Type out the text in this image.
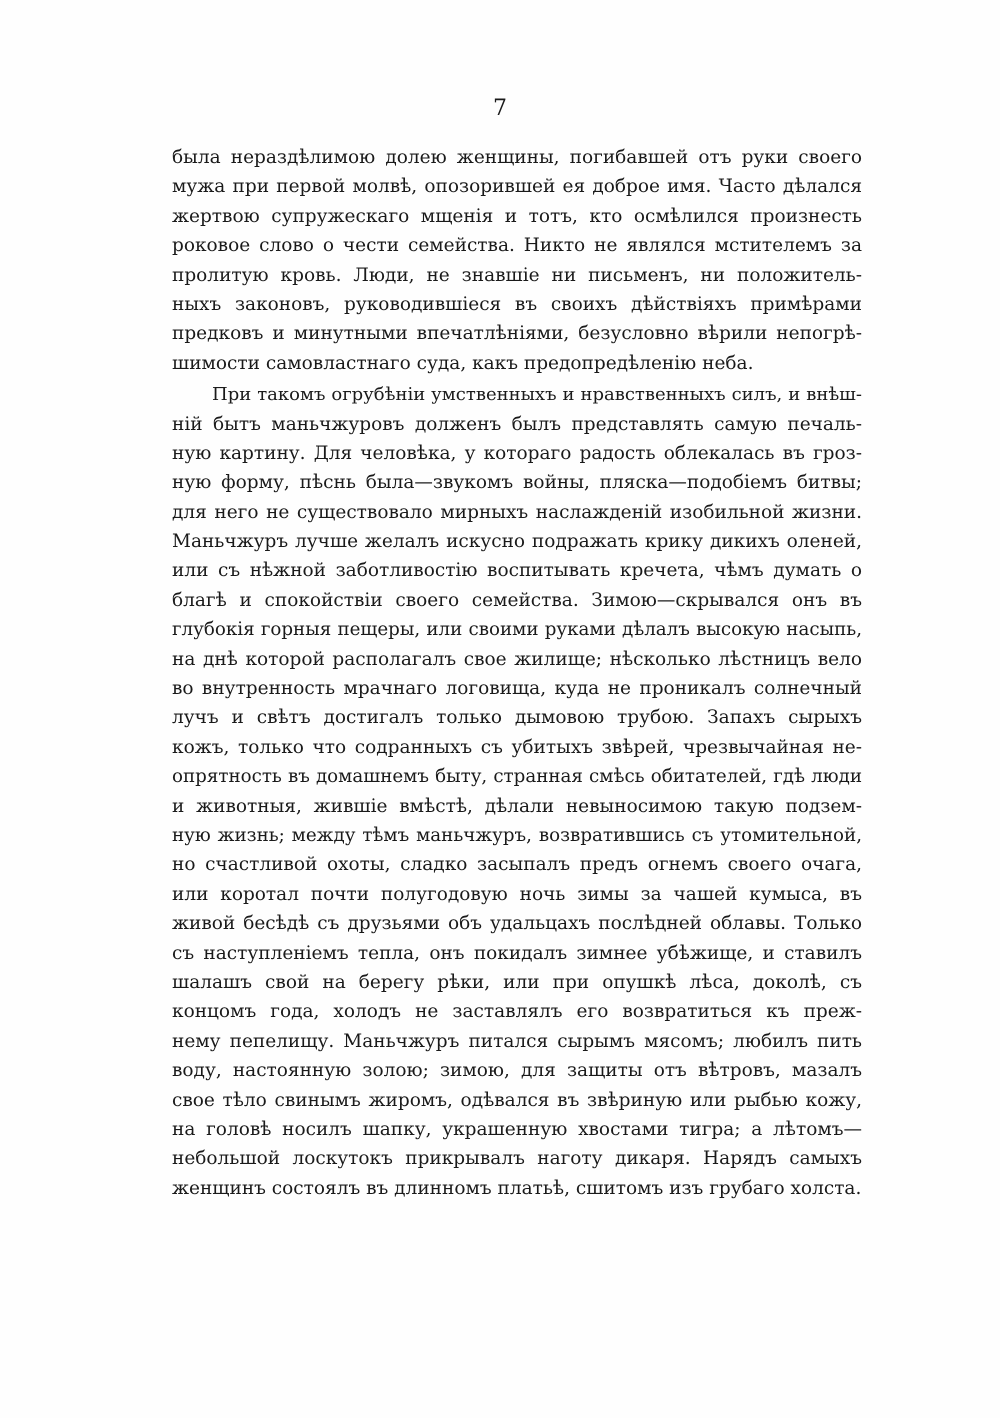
7
была нераздѣлимою долею женщины, погибавшей отъ руки своего
мужа при первой молвѣ, опозорившей ея доброе имя. Часто дѣлался
жертвою супружескаго мщенія и тотъ, кто осмѣлился произнесть
роковое слово о чести семейства. Никто не являлся мстителемъ за
пролитую кровь. Люди, не знавшіе ни письменъ, ни положитель-
ныхъ законовъ, руководившіеся въ своихъ дѣйствіяхъ примѣрами
предковъ и минутными впечатлѣніями, безусловно вѣрили непогрѣ-
шимости самовластнаго суда, какъ предопредѣленію неба.
При такомъ огрубѣніи умственныхъ и нравственныхъ силъ, и внѣш-
ній бытъ маньчжуровъ долженъ былъ представлять самую печаль-
ную картину. Для человѣка, у котораго радость облекалась въ гроз-
ную форму, пѣснь была—звукомъ войны, пляска—подобіемъ битвы;
для него не существовало мирныхъ наслажденій изобильной жизни.
Маньчжуръ лучше желалъ искусно подражать крику дикихъ оленей,
или съ нѣжной заботливостію воспитывать кречета, чѣмъ думать о
благѣ и спокойствіи своего семейства. Зимою—скрывался онъ въ
глубокія горныя пещеры, или своими руками дѣлалъ высокую насыпь,
на днѣ которой располагалъ свое жилище; нѣсколько лѣстницъ вело
во внутренность мрачнаго логовища, куда не проникалъ солнечный
лучъ и свѣтъ достигалъ только дымовою трубою. Запахъ сырыхъ
кожъ, только что содранныхъ съ убитыхъ звѣрей, чрезвычайная не-
опрятность въ домашнемъ быту, странная смѣсь обитателей, гдѣ люди
и животныя, жившіе вмѣстѣ, дѣлали невыносимою такую подзем-
ную жизнь; между тѣмъ маньчжуръ, возвратившись съ утомительной,
но счастливой охоты, сладко засыпалъ предъ огнемъ своего очага,
или коротал почти полугодовую ночь зимы за чашей кумыса, въ
живой бесѣдѣ съ друзьями объ удальцахъ послѣдней облавы. Только
съ наступленіемъ тепла, онъ покидалъ зимнее убѣжище, и ставилъ
шалашъ свой на берегу рѣки, или при опушкѣ лѣса, доколѣ, съ
концомъ года, холодъ не заставлялъ его возвратиться къ преж-
нему пепелищу. Маньчжуръ питался сырымъ мясомъ; любилъ пить
воду, настоянную золою; зимою, для защиты отъ вѣтровъ, мазалъ
свое тѣло свинымъ жиромъ, одѣвался въ звѣриную или рыбью кожу,
на головѣ носилъ шапку, украшенную хвостами тигра; а лѣтомъ—
небольшой лоскутокъ прикрывалъ наготу дикаря. Нарядъ самыхъ
женщинъ состоялъ въ длинномъ платьѣ, сшитомъ изъ грубаго холста.
